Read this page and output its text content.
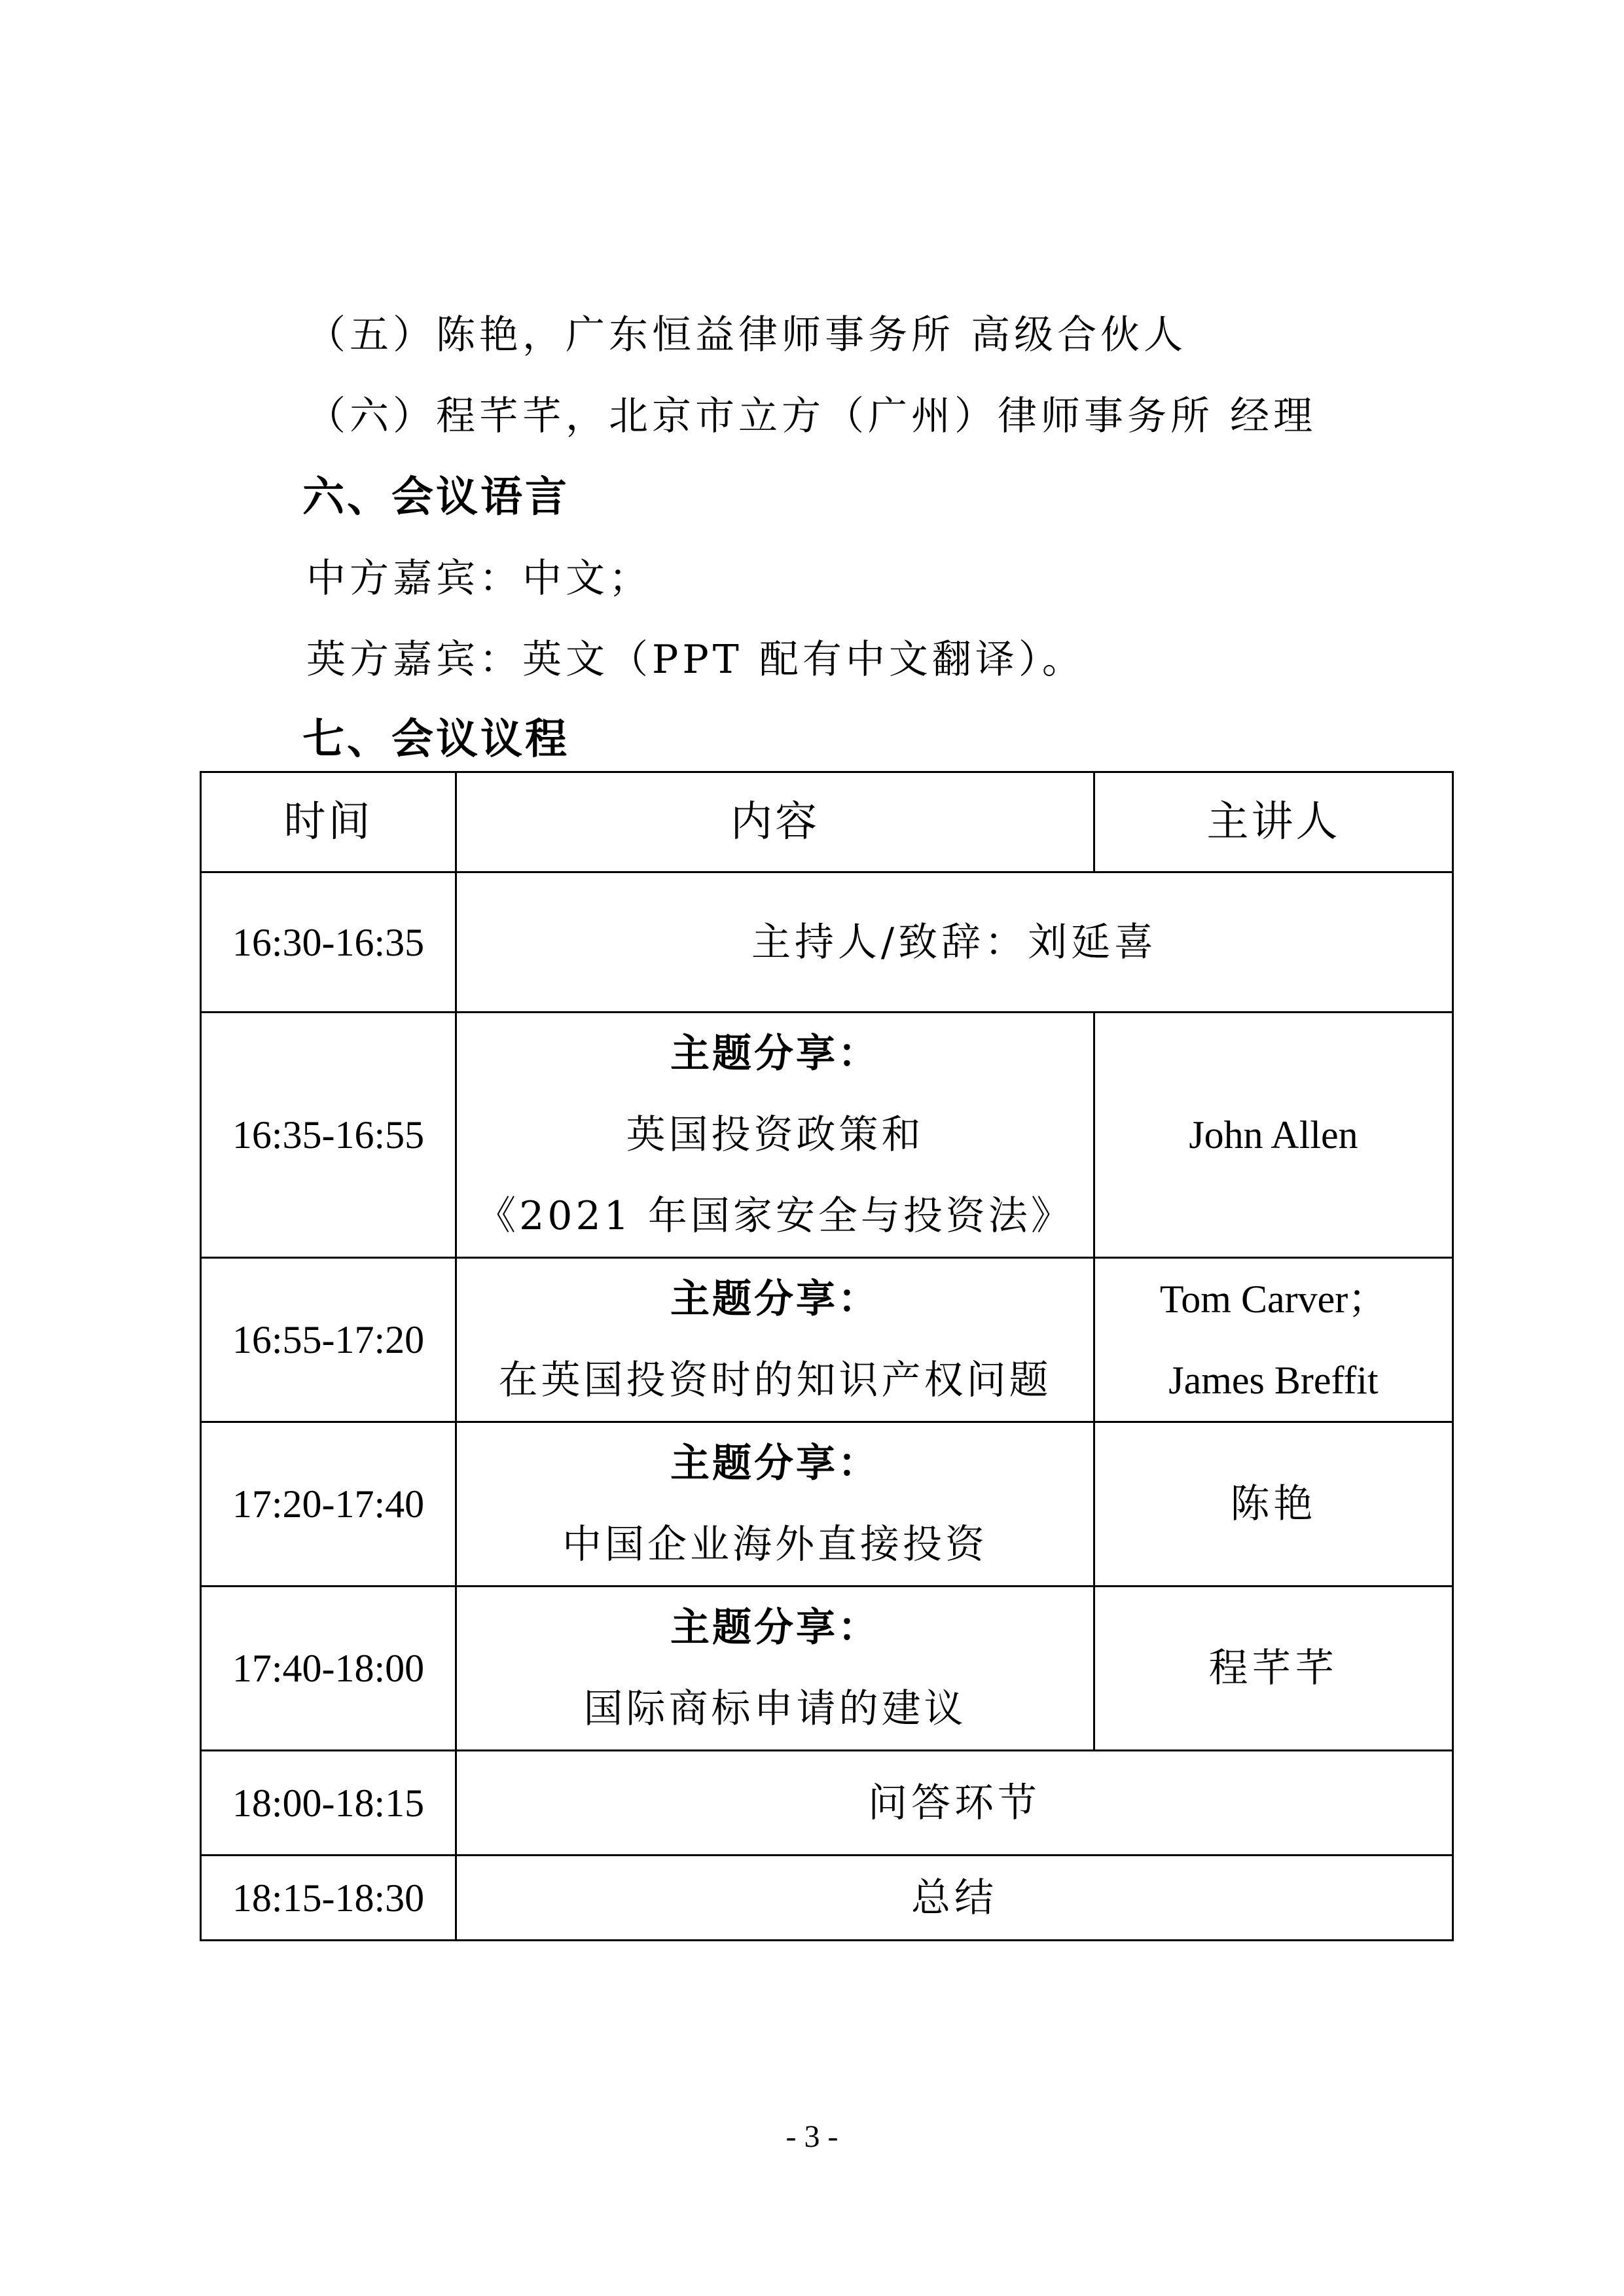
（五）陈艳，广东恒益律师事务所 高级合伙人
（六）程芊芊，北京市立方（广州）律师事务所 经理
六、会议语言
中方嘉宾：中文；
英方嘉宾：英文（PPT 配有中文翻译）。
七、会议议程
时间	内容	主讲人
16:30-16:35	主持人/致辞：刘延喜	
16:35-16:55	主题分享：
英国投资政策和
《2021 年国家安全与投资法》	John Allen

16:55-17:20	主题分享：
在英国投资时的知识产权问题	Tom Carver；
James Breffit

17:20-17:40	主题分享：
中国企业海外直接投资	陈艳

17:40-18:00	主题分享：
国际商标申请的建议	程芊芊

18:00-18:15	问答环节	
18:15-18:30	总结	
- 3 -
